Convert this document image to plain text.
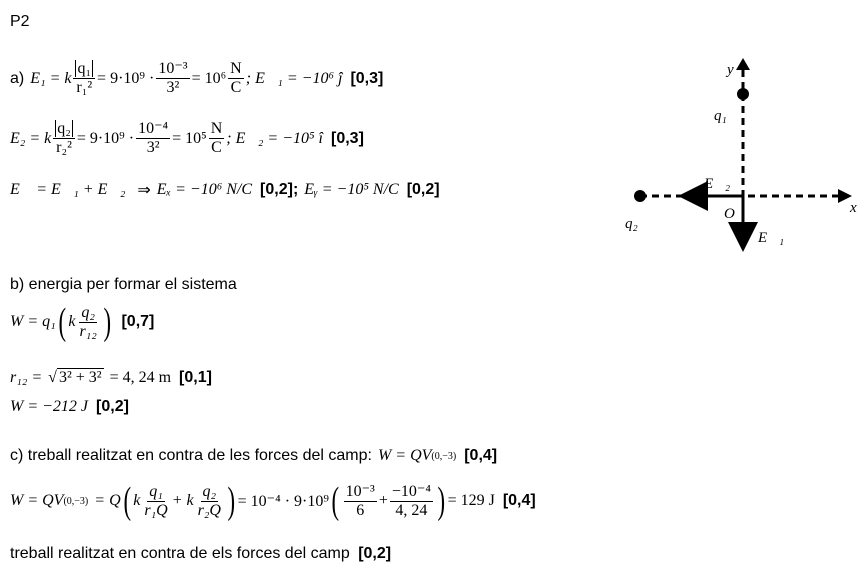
P2
a) E₁ = k $\frac{\text{q₁}}{\text{r₁²}} = 9\cdot 10^9 \cdot \frac{\text{10⁻³}}{\text{3²}} = 10^6 \frac{N}{C}$ ; E⃗₁ = −10⁶ ĵ [0,3]
E₂ = k $\frac{\text{q₂}}{\text{r₂²}} = 9\cdot 10^9 \cdot \frac{\text{10⁻⁴}}{\text{3²}} = 10^5 \frac{N}{C}$ ; E⃗₂ = −10⁵ î [0,3]
E⃗ = E⃗₁ + E⃗₂ ⇒ Eₓ = −10⁶ N/C [0,2]; Eᵧ = −10⁵ N/C [0,2]
b) energia per formar el sistema
W = q₁ ( k $\frac{\text{q₂}}{\text{r₁₂}}$ ) [0,7]
r₁₂ = √ 3² + 3² = 4, 24 m [0,1]
W = −212 J [0,2]
c) treball realitzat en contra de les forces del camp: W = QV (0,−3) [0,4]
W = QV (0,−3) = Q ( k $\frac{\text{q₁}}{\text{r₁Q}} + k \frac{\text{q₂}}{\text{r₂Q}}$ ) = 10⁻⁴ · 9·10⁹ ( $\frac{\text{10⁻³}}{6} + \frac{\text{−10⁻⁴}}{4, 24}$ ) = 129 J [0,4]
treball realitzat en contra de els forces del camp [0,2]
y
x
O
q₁
q₂
E⃗₁
E⃗₂
